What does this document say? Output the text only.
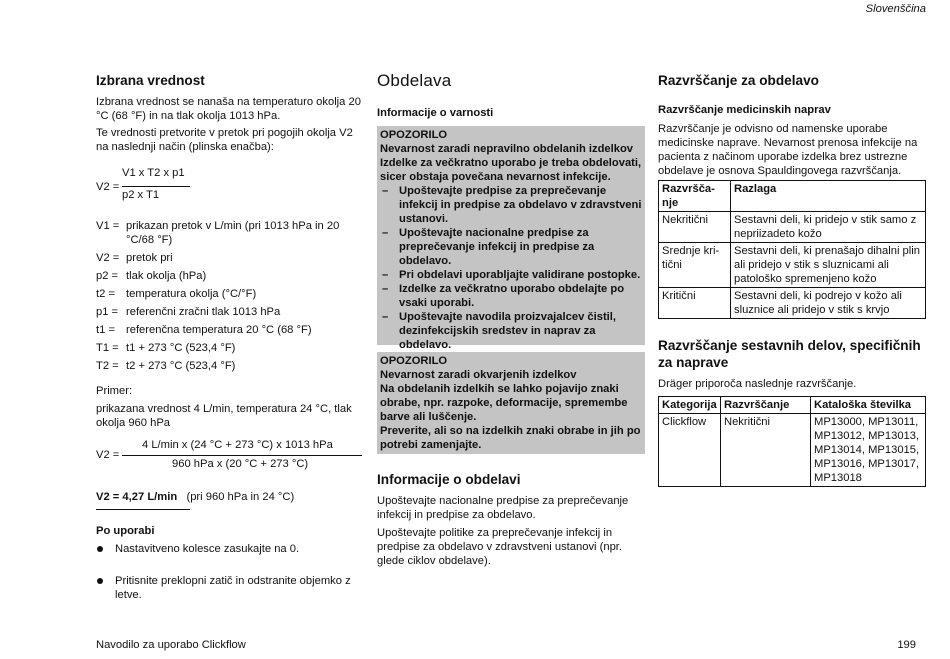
Slovenščina
Izbrana vrednost

Izbrana vrednost se nanaša na temperaturo okolja 20 °C (68 °F) in na tlak okolja 1013 hPa.

Te vrednosti pretvorite v pretok pri pogojih okolja V2 na naslednji način (plinska enačba):

V2 =
V1 x T2 x p1
p2 x T1
V1 = prikazan pretok v L/min (pri 1013 hPa in 20 °C/68 °F)
V2 = pretok pri
p2 = tlak okolja (hPa)
t2 = temperatura okolja (°C/°F)
p1 = referenčni zračni tlak 1013 hPa
t1 = referenčna temperatura 20 °C (68 °F)
T1 = t1 + 273 °C (523,4 °F)
T2 = t2 + 273 °C (523,4 °F)

Primer:

prikazana vrednost 4 L/min, temperatura 24 °C, tlak okolja 960 hPa

V2 =
4 L/min x (24 °C + 273 °C) x 1013 hPa
960 hPa x (20 °C + 273 °C)
V2 = 4,27 L/min (pri 960 hPa in 24 °C)
Po uporabi
Nastavitveno kolesce zasukajte na 0.
Pritisnite preklopni zatič in odstranite objemko z letve.
Obdelava
Informacije o varnosti
OPOZORILO
Nevarnost zaradi nepravilno obdelanih izdelkov
Izdelke za večkratno uporabo je treba obdelovati, sicer obstaja povečana nevarnost infekcije.
– Upoštevajte predpise za preprečevanje infekcij in predpise za obdelavo v zdravstveni ustanovi.
– Upoštevajte nacionalne predpise za preprečevanje infekcij in predpise za obdelavo.
– Pri obdelavi uporabljajte validirane postopke.
– Izdelke za večkratno uporabo obdelajte po vsaki uporabi.
– Upoštevajte navodila proizvajalcev čistil, dezinfekcijskih sredstev in naprav za obdelavo.
OPOZORILO
Nevarnost zaradi okvarjenih izdelkov
Na obdelanih izdelkih se lahko pojavijo znaki obrabe, npr. razpoke, deformacije, spremembe barve ali luščenje.
Preverite, ali so na izdelkih znaki obrabe in jih po potrebi zamenjajte.
Informacije o obdelavi

Upoštevajte nacionalne predpise za preprečevanje infekcij in predpise za obdelavo.

Upoštevajte politike za preprečevanje infekcij in predpise za obdelavo v zdravstveni ustanovi (npr. glede ciklov obdelave).

Razvrščanje za obdelavo
Razvrščanje medicinskih naprav

Razvrščanje je odvisno od namenske uporabe medicinske naprave. Nevarnost prenosa infekcije na pacienta z načinom uporabe izdelka brez ustrezne obdelave je osnova Spauldingovega razvrščanja.

Razvršča-nje	Razlaga
Nekritični	Sestavni deli, ki pridejo v stik samo z nepriizadeto kožo
Srednje kri-tični	Sestavni deli, ki prenašajo dihalni plin ali pridejo v stik s sluznicami ali patološko spremenjeno kožo
Kritični	Sestavni deli, ki podrejo v kožo ali sluznice ali pridejo v stik s krvjo
Razvrščanje sestavnih delov, specifičnih za naprave

Dräger priporoča naslednje razvrščanje.

Kategorija	Razvrščanje	Kataloška številka
Clickflow	Nekritični	MP13000, MP13011, MP13012, MP13013, MP13014, MP13015, MP13016, MP13017, MP13018
Navodilo za uporabo Clickflow	199
